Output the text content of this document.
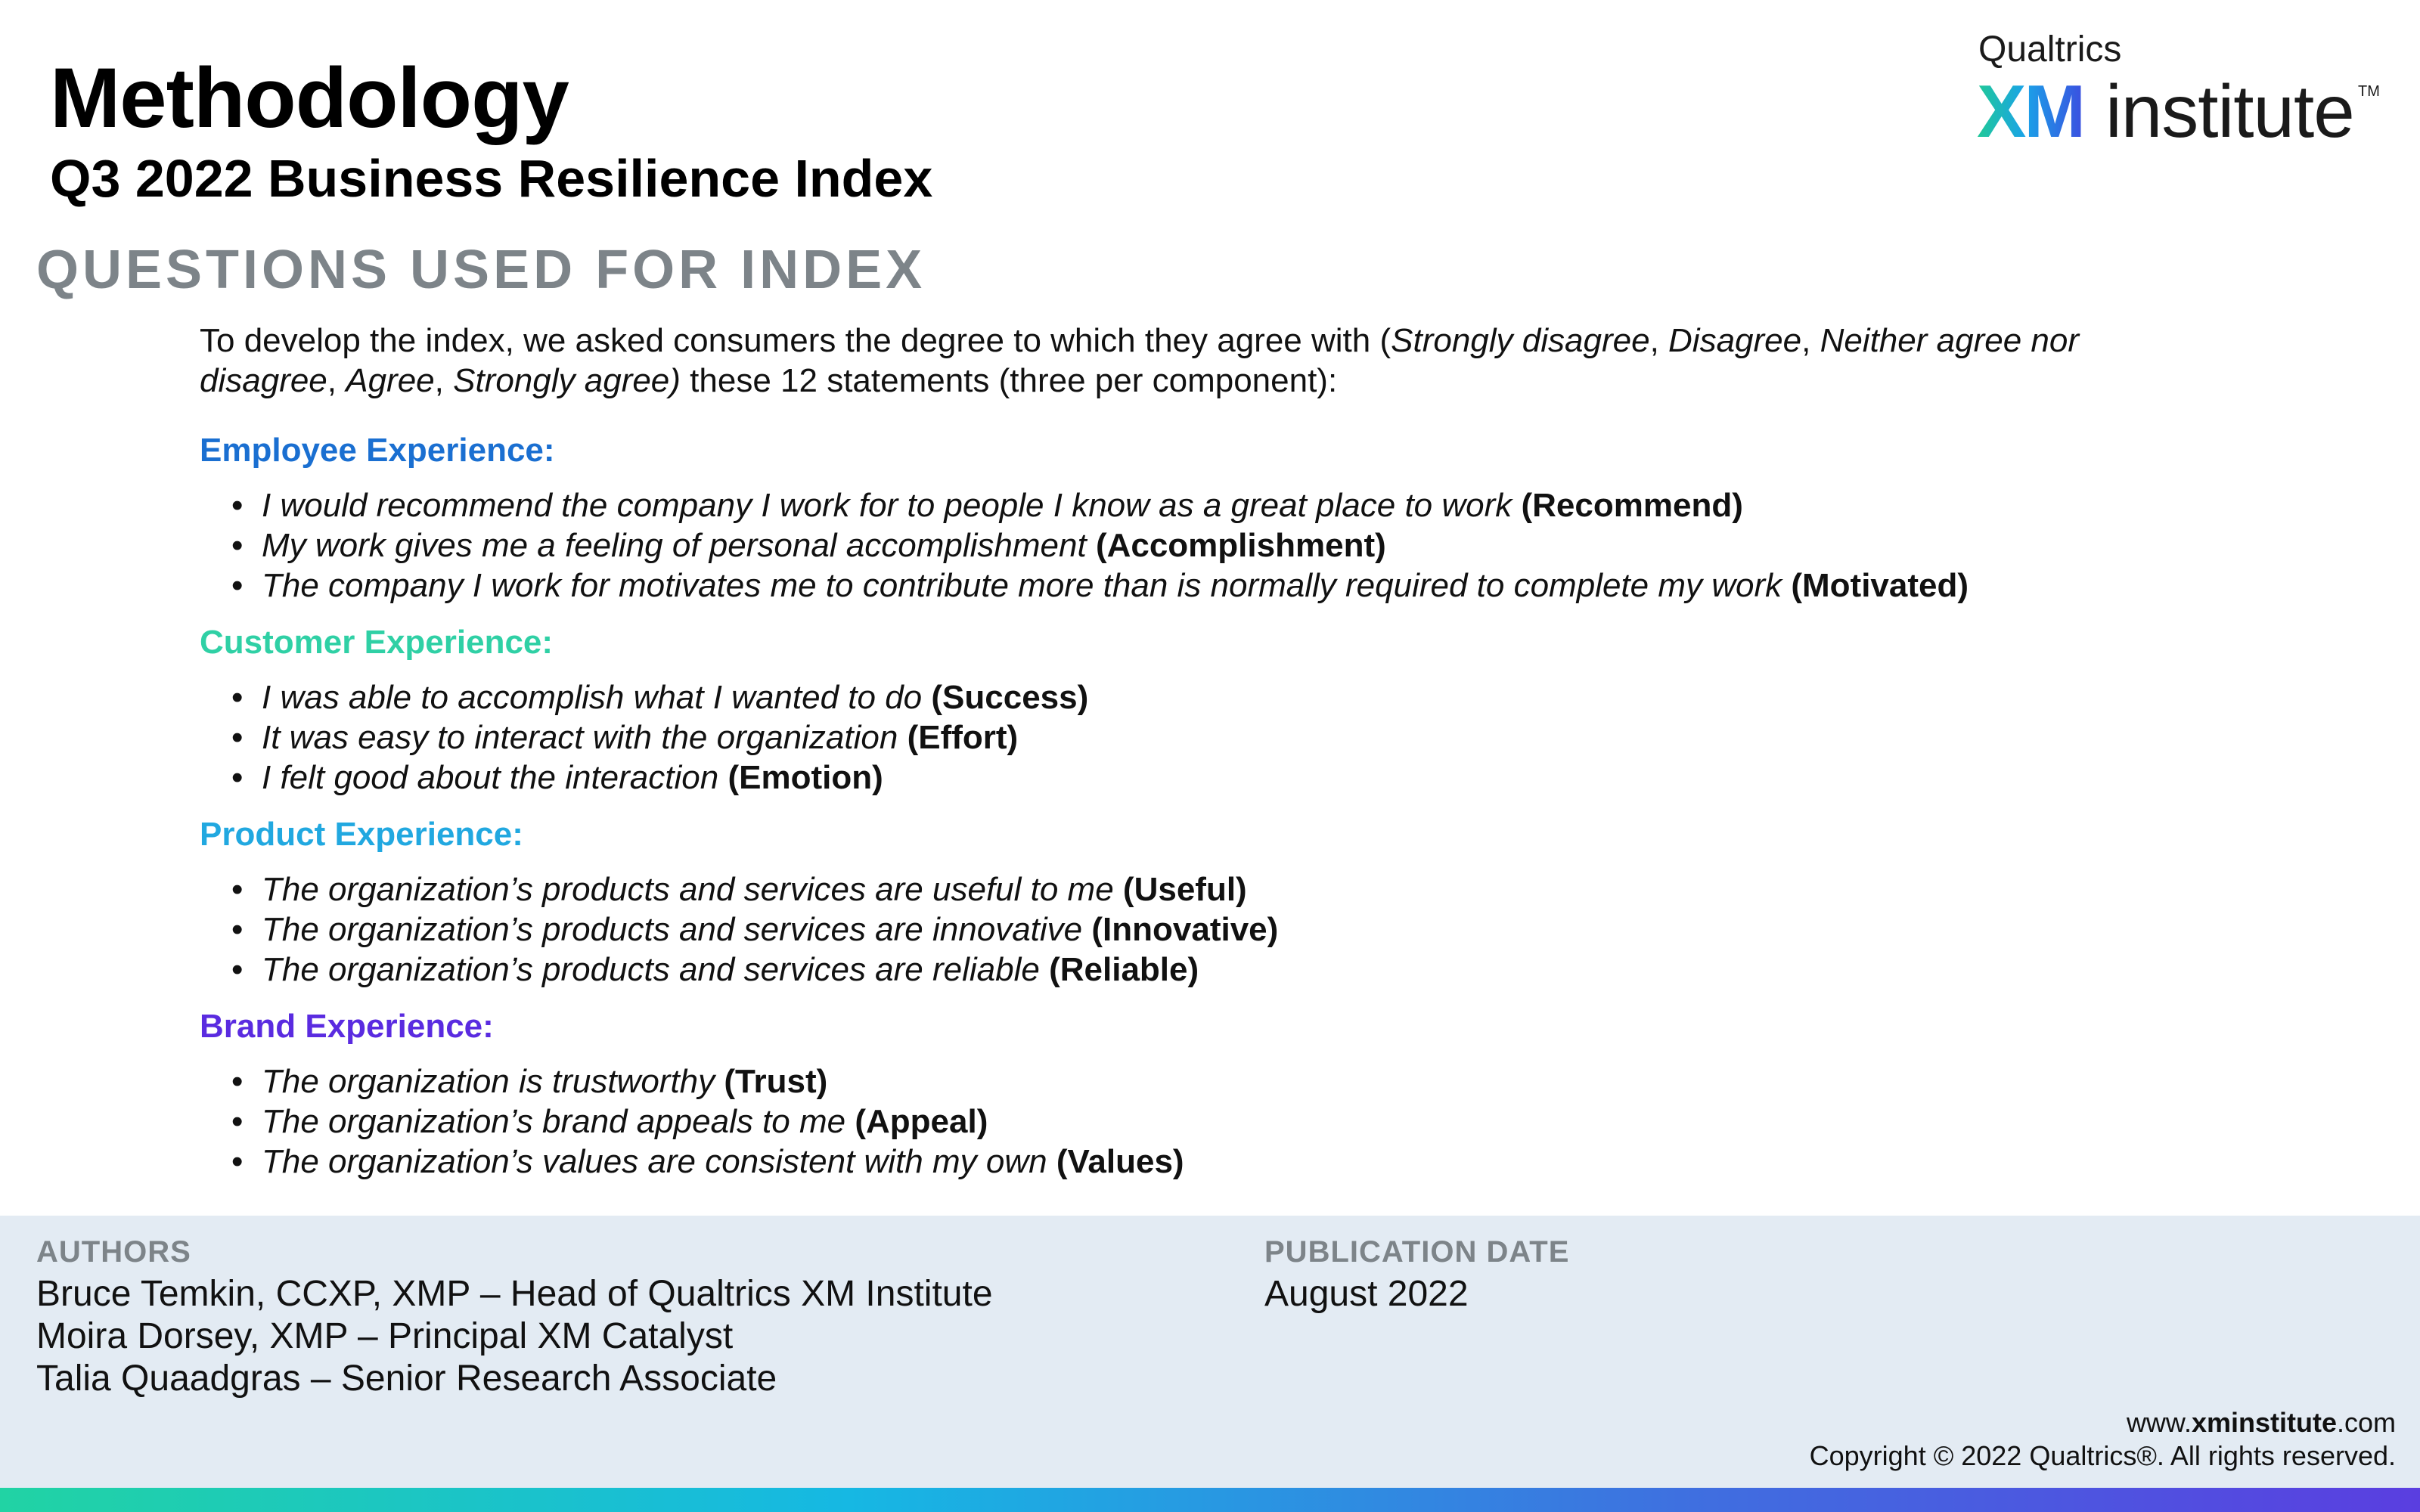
Methodology
Q3 2022 Business Resilience Index
Qualtrics
XM institute TM
QUESTIONS USED FOR INDEX

To develop the index, we asked consumers the degree to which they agree with (Strongly disagree, Disagree, Neither agree nor disagree, Agree, Strongly agree) these 12 statements (three per component):

Employee Experience:
• I would recommend the company I work for to people I know as a great place to work (Recommend)
• My work gives me a feeling of personal accomplishment (Accomplishment)
• The company I work for motivates me to contribute more than is normally required to complete my work (Motivated)
Customer Experience:
• I was able to accomplish what I wanted to do (Success)
• It was easy to interact with the organization (Effort)
• I felt good about the interaction (Emotion)
Product Experience:
• The organization’s products and services are useful to me (Useful)
• The organization’s products and services are innovative (Innovative)
• The organization’s products and services are reliable (Reliable)
Brand Experience:
• The organization is trustworthy (Trust)
• The organization’s brand appeals to me (Appeal)
• The organization’s values are consistent with my own (Values)
AUTHORS
Bruce Temkin, CCXP, XMP – Head of Qualtrics XM Institute
Moira Dorsey, XMP – Principal XM Catalyst
Talia Quaadgras – Senior Research Associate
PUBLICATION DATE
August 2022
www.xminstitute.com
Copyright © 2022 Qualtrics®. All rights reserved.
